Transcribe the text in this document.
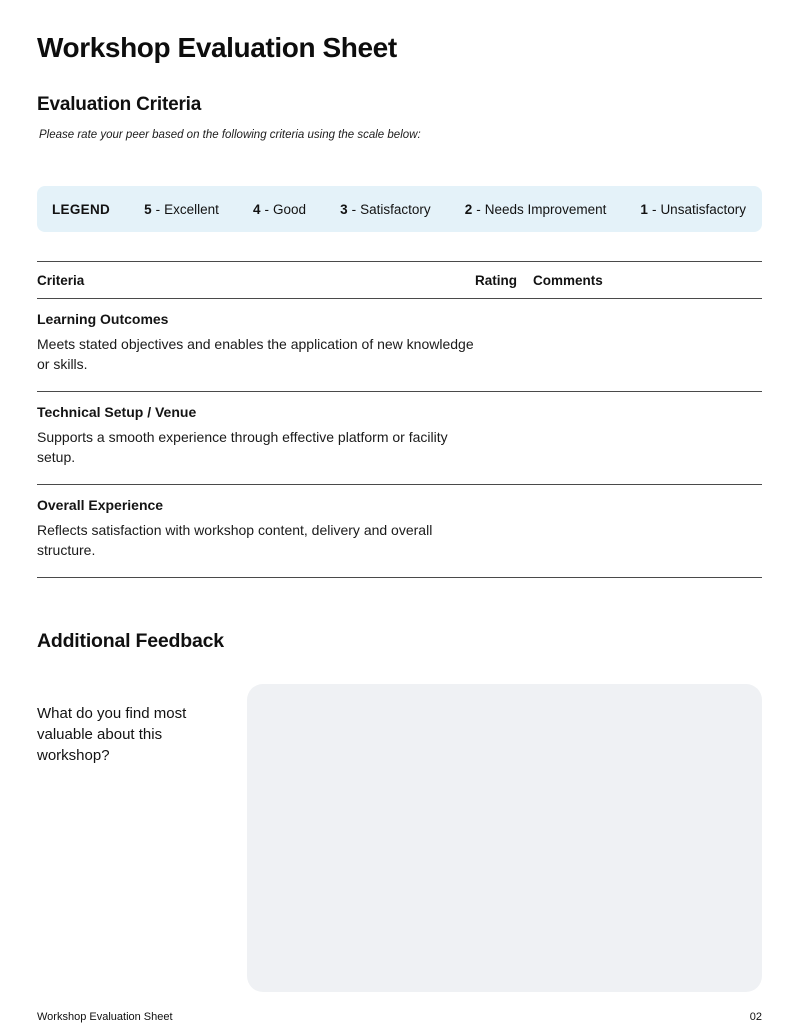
Workshop Evaluation Sheet
Evaluation Criteria

Please rate your peer based on the following criteria using the scale below:

LEGEND	5 - Excellent	4 - Good	3 - Satisfactory	2 - Needs Improvement	1 - Unsatisfactory
Criteria	Rating	Comments
Learning Outcomes
Meets stated objectives and enables the application of new knowledge or skills.
Technical Setup / Venue
Supports a smooth experience through effective platform or facility setup.
Overall Experience
Reflects satisfaction with workshop content, delivery and overall structure.
Additional Feedback
What do you find most valuable about this workshop?
Workshop Evaluation Sheet	02
